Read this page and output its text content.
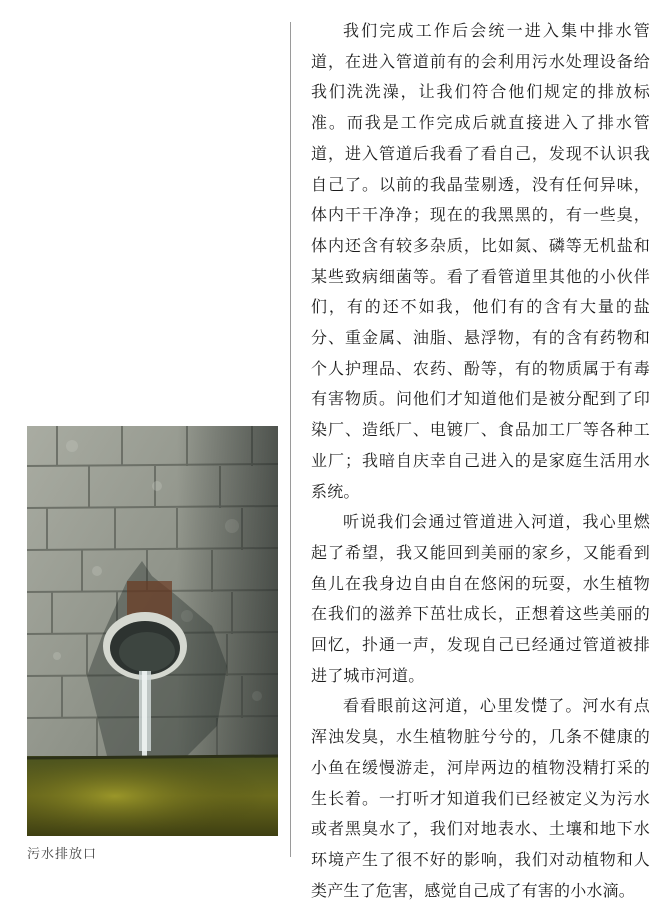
污水排放口

我们完成工作后会统一进入集中排水管道，在进入管道前有的会利用污水处理设备给我们洗洗澡，让我们符合他们规定的排放标准。而我是工作完成后就直接进入了排水管道，进入管道后我看了看自己，发现不认识我自己了。以前的我晶莹剔透，没有任何异味，体内干干净净；现在的我黑黑的，有一些臭，体内还含有较多杂质，比如氮、磷等无机盐和某些致病细菌等。看了看管道里其他的小伙伴们，有的还不如我，他们有的含有大量的盐分、重金属、油脂、悬浮物，有的含有药物和个人护理品、农药、酚等，有的物质属于有毒有害物质。问他们才知道他们是被分配到了印染厂、造纸厂、电镀厂、食品加工厂等各种工业厂；我暗自庆幸自己进入的是家庭生活用水系统。

听说我们会通过管道进入河道，我心里燃起了希望，我又能回到美丽的家乡，又能看到鱼儿在我身边自由自在悠闲的玩耍，水生植物在我们的滋养下茁壮成长，正想着这些美丽的回忆，扑通一声，发现自己已经通过管道被排进了城市河道。

看看眼前这河道，心里发憷了。河水有点浑浊发臭，水生植物脏兮兮的，几条不健康的小鱼在缓慢游走，河岸两边的植物没精打采的生长着。一打听才知道我们已经被定义为污水或者黑臭水了，我们对地表水、土壤和地下水环境产生了很不好的影响，我们对动植物和人类产生了危害，感觉自己成了有害的小水滴。
